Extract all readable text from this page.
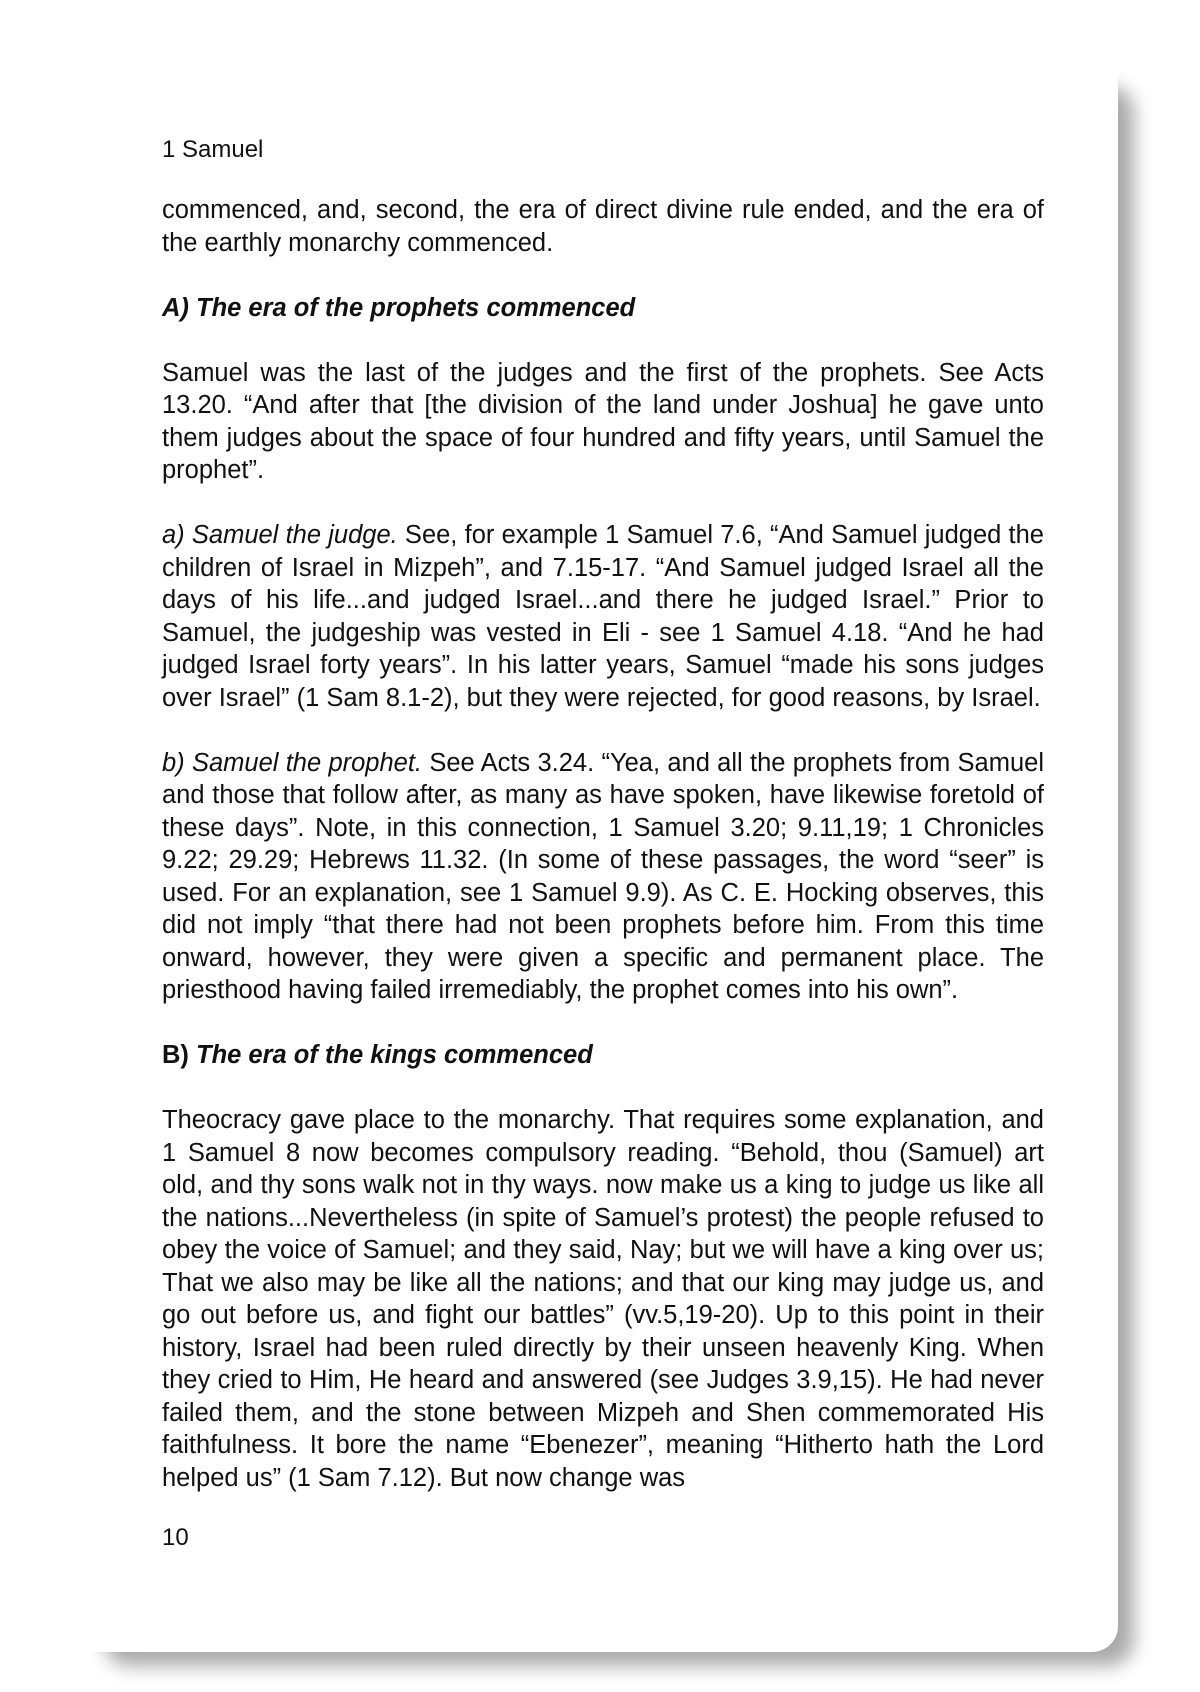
1 Samuel

commenced, and, second, the era of direct divine rule ended, and the era of the earthly monarchy commenced.

A) The era of the prophets commenced

Samuel was the last of the judges and the first of the prophets. See Acts 13.20. “And after that [the division of the land under Joshua] he gave unto them judges about the space of four hundred and fifty years, until Samuel the prophet”.

a) Samuel the judge. See, for example 1 Samuel 7.6, “And Samuel judged the children of Israel in Mizpeh”, and 7.15-17. “And Samuel judged Israel all the days of his life...and judged Israel...and there he judged Israel.” Prior to Samuel, the judgeship was vested in Eli - see 1 Samuel 4.18. “And he had judged Israel forty years”. In his latter years, Samuel “made his sons judges over Israel” (1 Sam 8.1-2), but they were rejected, for good reasons, by Israel.

b) Samuel the prophet. See Acts 3.24. “Yea, and all the prophets from Samuel and those that follow after, as many as have spoken, have likewise foretold of these days”. Note, in this connection, 1 Samuel 3.20; 9.11,19; 1 Chronicles 9.22; 29.29; Hebrews 11.32. (In some of these passages, the word “seer” is used. For an explanation, see 1 Samuel 9.9). As C. E. Hocking observes, this did not imply “that there had not been prophets before him. From this time onward, however, they were given a specific and permanent place. The priesthood having failed irremediably, the prophet comes into his own”.

B) The era of the kings commenced

Theocracy gave place to the monarchy. That requires some explanation, and 1 Samuel 8 now becomes compulsory reading. “Behold, thou (Samuel) art old, and thy sons walk not in thy ways. now make us a king to judge us like all the nations...Nevertheless (in spite of Samuel’s protest) the people refused to obey the voice of Samuel; and they said, Nay; but we will have a king over us; That we also may be like all the nations; and that our king may judge us, and go out before us, and fight our battles” (vv.5,19-20). Up to this point in their history, Israel had been ruled directly by their unseen heavenly King. When they cried to Him, He heard and answered (see Judges 3.9,15). He had never failed them, and the stone between Mizpeh and Shen commemorated His faithfulness. It bore the name “Ebenezer”, meaning “Hitherto hath the Lord helped us” (1 Sam 7.12). But now change was

10
